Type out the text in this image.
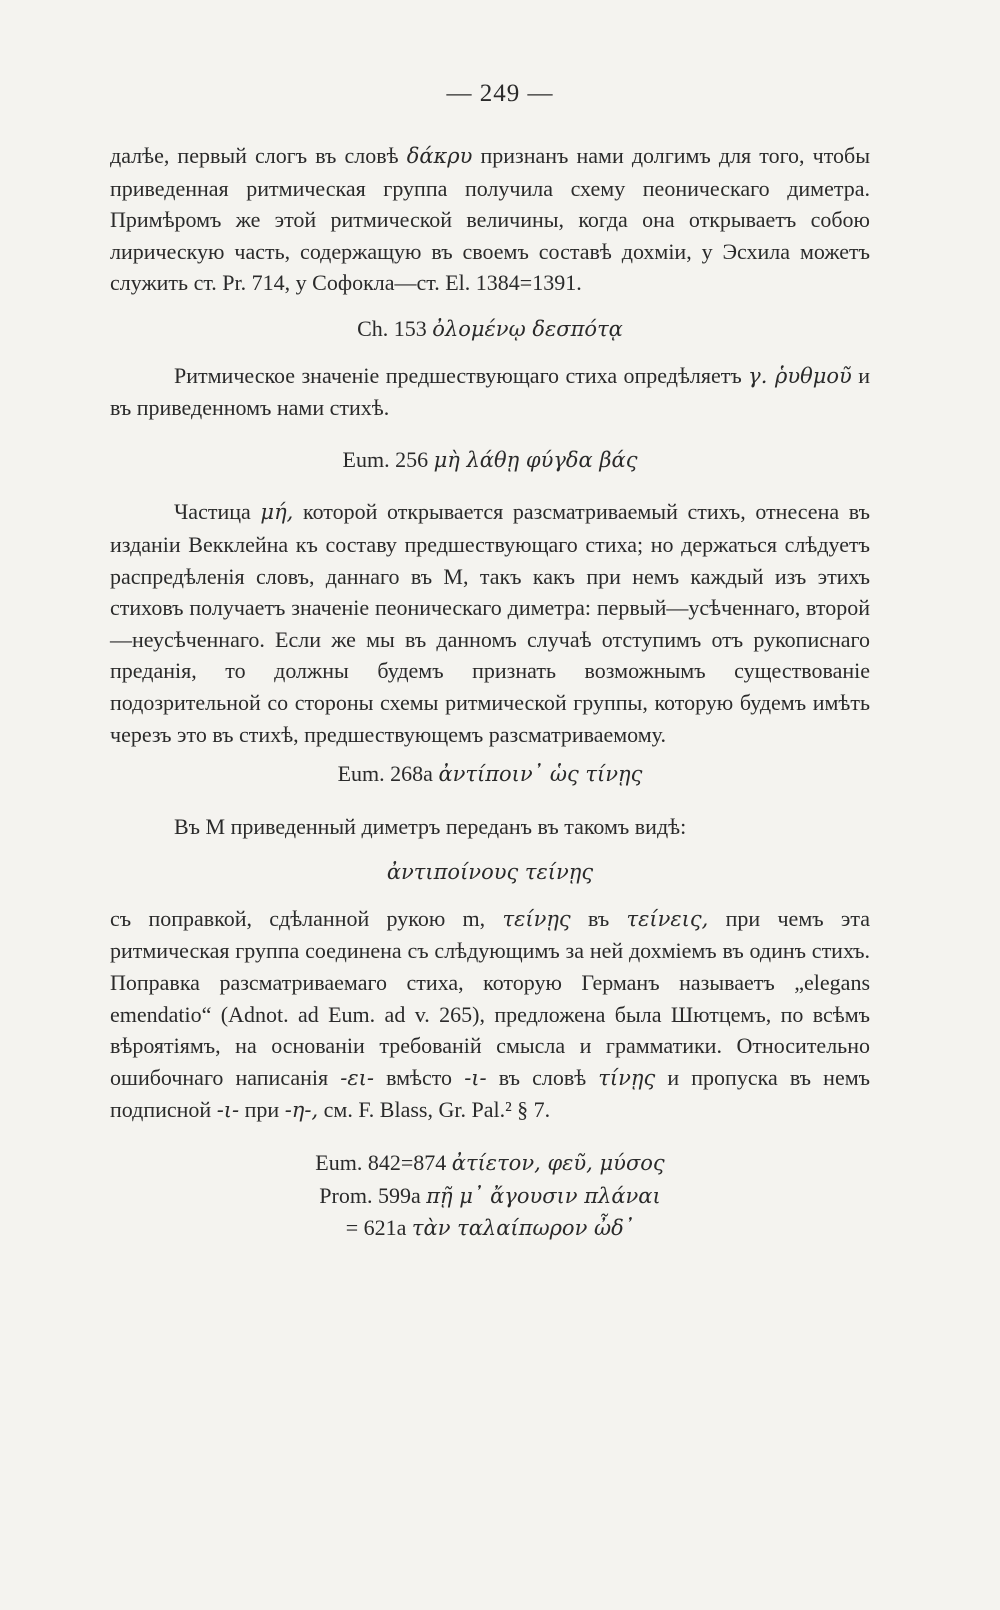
— 249 —

далѣе, первый слогъ въ словѣ δάκρυ признанъ нами долгимъ для того, чтобы приведенная ритмическая группа получила схему пеоническаго диметра. Примѣромъ же этой ритмической величины, когда она открываетъ собою лирическую часть, содержащую въ своемъ составѣ дохміи, у Эсхила можетъ служить ст. Pr. 714, у Софокла—ст. El. 1384=1391.

Ch. 153 ὀλομένῳ δεσπότᾳ

Ритмическое значеніе предшествующаго стиха опредѣляетъ γ. ῥυθμοῦ и въ приведенномъ нами стихѣ.

Eum. 256 μὴ λάθῃ φύγδα βάς

Частица μή, которой открывается разсматриваемый стихъ, отнесена въ изданіи Векклейна къ составу предшествующаго стиха; но держаться слѣдуетъ распредѣленія словъ, даннаго въ M, такъ какъ при немъ каждый изъ этихъ стиховъ получаетъ значеніе пеоническаго диметра: первый—усѣченнаго, второй—неусѣченнаго. Если же мы въ данномъ случаѣ отступимъ отъ рукописнаго преданія, то должны будемъ признать возможнымъ существованіе подозрительной со стороны схемы ритмической группы, которую будемъ имѣть черезъ это въ стихѣ, предшествующемъ разсматриваемому.

Eum. 268a ἀντίποιν᾽ ὡς τίνῃς

Въ M приведенный диметръ переданъ въ такомъ видѣ:

ἀντιποίνους τείνῃς

съ поправкой, сдѣланной рукою m, τείνῃς въ τείνεις, при чемъ эта ритмическая группа соединена съ слѣдующимъ за ней дохміемъ въ одинъ стихъ. Поправка разсматриваемаго стиха, которую Германъ называетъ „elegans emendatio“ (Adnot. ad Eum. ad v. 265), предложена была Шютцемъ, по всѣмъ вѣроятіямъ, на основаніи требованій смысла и грамматики. Относительно ошибочнаго написанія -ει- вмѣсто -ι- въ словѣ τίνῃς и пропуска въ немъ подписной -ι- при -η-, см. F. Blass, Gr. Pal.² § 7.

Eum. 842=874 ἀτίετον, φεῦ, μύσος

Prom. 599a πῇ μ᾽ ἄγουσιν πλάναι

= 621a τὰν ταλαίπωρον ὦδ᾽
